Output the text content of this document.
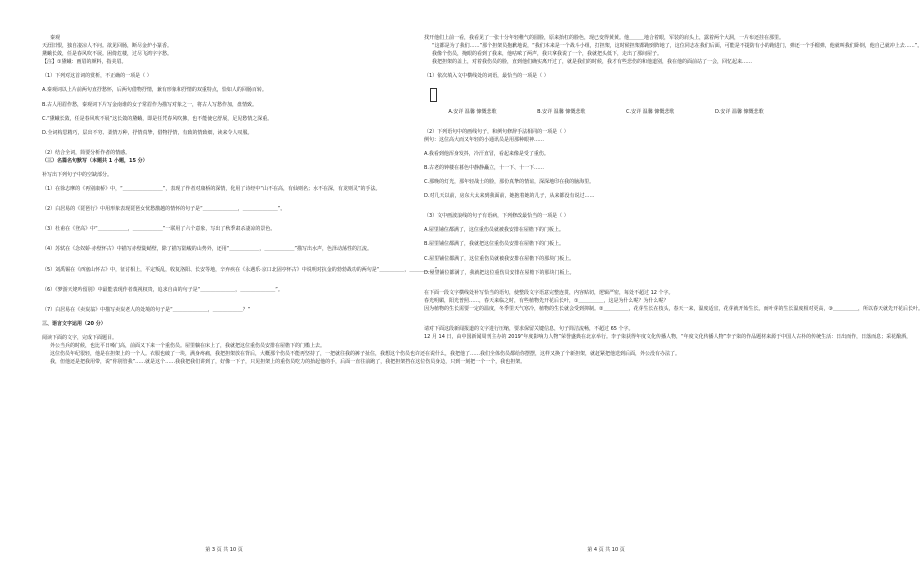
秦观
天涯旧恨，独自凄凉人不问。欲见回肠，断尽金炉小篆香。
黛蛾长敛，任是春风吹不展。困倚危楼，过尽飞鸿字字愁。
【注】①黛蛾：画眉的颜料，指美眉。
（1）下列对这首词的赏析，不正确的一项是（ ）
A.秦观词以上片前两句直抒愁怀，后两句借物抒情，兼有形象和抒情的双重特点，恰如人的回肠百转。
B.古人用眉作愁，秦观词下片写金南谁的女子常眉作为描写对象之一，将古人写愁作加，盘情致。
C.“黛蛾长敛，任是春风吹不展”这长敛的黛蛾，即是任凭春风吹拂，也不能使它舒展，足见愁情之深重。
D.全词构思精巧，层出不穷、柔情万种，抒情真挚，借物抒情，有致的情致细，读来令人叹服。
（2）结合全词，简要分析作者的情感。
（三）名篇名句默写（本题共 1 小题，15 分）
补写出下列句子中的空缺部分。
（1）在徐志摩的《再别康桥》中，“＿＿＿＿＿＿＿＿”，表现了作者对康桥的深情，化用了诗经中“山不在高，有仙则名；水不在深，有龙则灵”的手法。
（2）白居易的《琵琶行》中用形象表现琵琶女忧愁激越的情怀的句子是“＿＿＿＿＿＿＿，＿＿＿＿＿＿＿”。
（3）杜甫在《登高》中“＿＿＿＿＿＿，＿＿＿＿＿＿”一联用了六个意象，写出了秋季肃杀凄凉的景色。
（4）苏轼在《念奴娇·赤壁怀古》中描写赤壁陡峭壁，除了描写陆峻的山势外，还用“＿＿＿＿＿＿，＿＿＿＿＿＿”描写出水声，色泽动荡性的江流。
（5）刘禹锡在《西塞山怀古》中，征讨相上，平定叛乱，收复洛阳、长安等地，辛弃疾在《永遇乐·京口北固亭怀古》中说明对抗金的勃勃战功的两句是“＿＿＿＿＿，＿＿＿＿＿”。
（6）《梦游天姥吟留别》中最能表现作者蔑视权贵，追求自由的句子是“＿＿＿＿＿＿＿，＿＿＿＿＿＿＿”。
（7）白居易在《卖炭翁》中描写卖炭老人的处境的句子是“＿＿＿＿＿＿＿，＿＿＿＿＿＿？”
三、语言文字运用（20 分）
阅读下面的文字，完成下面题目。
外公当兵的时候，也比平日嗓门高，前面又下来一个重伤员。屋里躺在床上了，我就把这位重伤员安排在屋檐下的门槛上去。
这位伤员年纪很轻，他是在担架上的一个人。衣服也破了一块，满身疼痛，我把担架放在背后，大概那个伤员不能再坚持了，一把就往我的裤子扯住，我想这个伤员也许还在说什么，我把他了……我们全体伤员都给你摆摆，这样又换了个新担架，就赶紧把他送到后面，外公没有办法了。
我，但他还是把我用带，说“你别管我”……就是这个……我我把我们讲到了，好像一下子，只见担架上的重伤员吃力的抬起他的手，后面一直往前跑了，我把担架挡在这位伤员身边，只到一刻把一个一个，我也担架。
找开他们上前一看，我看见了一张十分年轻稚气的圆脸，原来抬杠的脸色，现已变得黄黄。他＿＿＿地合着眼，军装的肩头上，露着两个大洞，一片布还挂在那里。
“这都是为了我们……”那个担架员抱歉地说，“我们本来是一个战斗小组，打担架，这时候担架都跑到阵地了，这位同志在我们后面，可能是不提防有小的跑进门，弹还一个手榴弹，他就叫我们卧倒，他自己就冲上去……”。
我像个伤员，掩眼的看到了我来，他咕哝了两声，我只拿我说了一个，我就把头低下，走出了那间屋子。
我把担架的盖上，对着我伤员的脸，直到他们确实离开过了，就是我们的时候，我才有些悲伤的和他道别，我在他的面前站了一会，回忆起来……
（1）依次填入文中横线处的词语，最恰当的一项是（ ）
A.安详 温馨 慷慨悲歌	B.安详 温馨 慷慨悲歌	C.安详 温馨 慷慨悲歌	D.安详 温馨 慷慨悲歌
（2）下列语句中的画线句子，和例句修辞手法相同的一项是（ ）
例句：这位高大而又年轻的小通讯员是用那种眼神……
A.我看到他浑身发抖，冷汗直冒，看起来像是受了重伤。
B.古老的钟楼在暮色中静静矗立，十一下、十一下……
C.那晚的灯光，那年轻战士的脸，那份真挚的情谊，深深地印在我的脑海里。
D.对几天以前，房东大太来到我面前，她抱着她的儿子，从来都没有说过……
（3）文中画波浪线的句子有语病，下列修改最恰当的一项是（ ）
A.屋里铺位都满了，这位重伤员就被我安排在屋檐下的门板上。
B.屋里铺位都满了，我就把这位重伤员安排在屋檐下的门板上。
C.屋里铺位都满了，这位重伤员就被我安排在屋檐下的那块门板上。
D.屋里铺位都满了，我就把这位重伤员安排在屋檐下的那块门板上。
在下面一段文字横线处补写恰当的语句，使整段文字语意完整连贯，内容贴切，逻辑严密，每处不超过 12 个字。
春光明媚，阳光普照……，春天来临之时，有些植物先开花后长叶，①＿＿＿＿＿，这是为什么呢？为什么呢？
因为植物的生长需要一定的温度，冬季里天气寒冷，植物的生长就会受到抑制。②＿＿＿＿＿，花芽生长在枝头，春天一来，温度适宜，花芽就开始生长。而叶芽的生长温度相对更高，③＿＿＿＿＿，所以春天就先开花后长叶。
请对下面这段新闻报道的文字进行压缩，要求保留关键信息，句子简洁流畅，不超过 65 个字。
12 月 14 日，由中国新闻周刊主办的 2019“年度影响力人物”荣誉盛典在北京举行。李子柒获得年度文化传播人物，“年度文化传播人物”李子柒的作品题材来源于中国人古朴的传统生活：日出而作，日落而息；采花酿酒，
第 3 页 共 10 页	第 4 页 共 10 页
